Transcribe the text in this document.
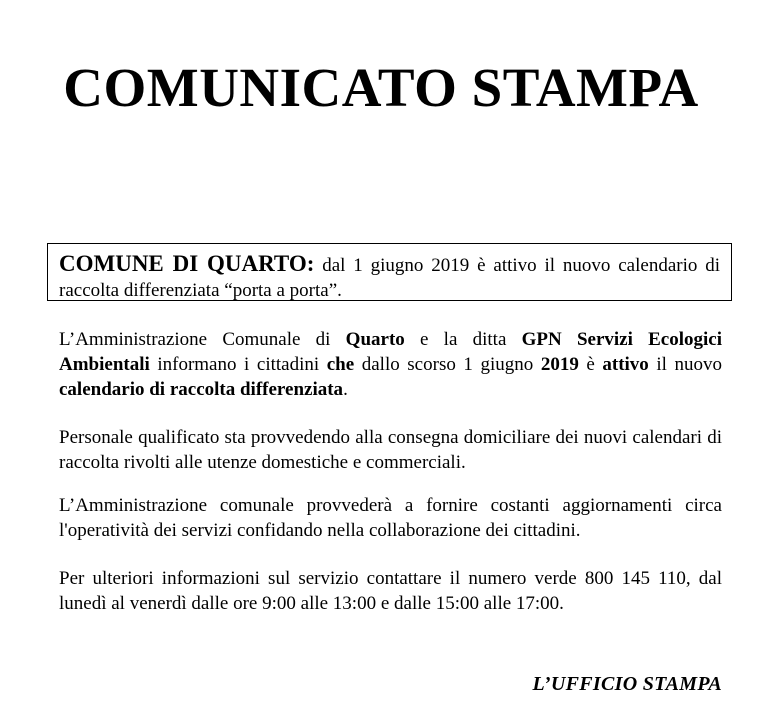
COMUNICATO STAMPA
COMUNE DI QUARTO: dal 1 giugno 2019 è attivo il nuovo calendario di raccolta differenziata “porta a porta”.

L’Amministrazione Comunale di Quarto e la ditta GPN Servizi Ecologici Ambientali informano i cittadini che dallo scorso 1 giugno 2019 è attivo il nuovo calendario di raccolta differenziata.

Personale qualificato sta provvedendo alla consegna domiciliare dei nuovi calendari di raccolta rivolti alle utenze domestiche e commerciali.

L’Amministrazione comunale provvederà a fornire costanti aggiornamenti circa l'operatività dei servizi confidando nella collaborazione dei cittadini.

Per ulteriori informazioni sul servizio contattare il numero verde 800 145 110, dal lunedì al venerdì dalle ore 9:00 alle 13:00 e dalle 15:00 alle 17:00.

L’UFFICIO STAMPA
